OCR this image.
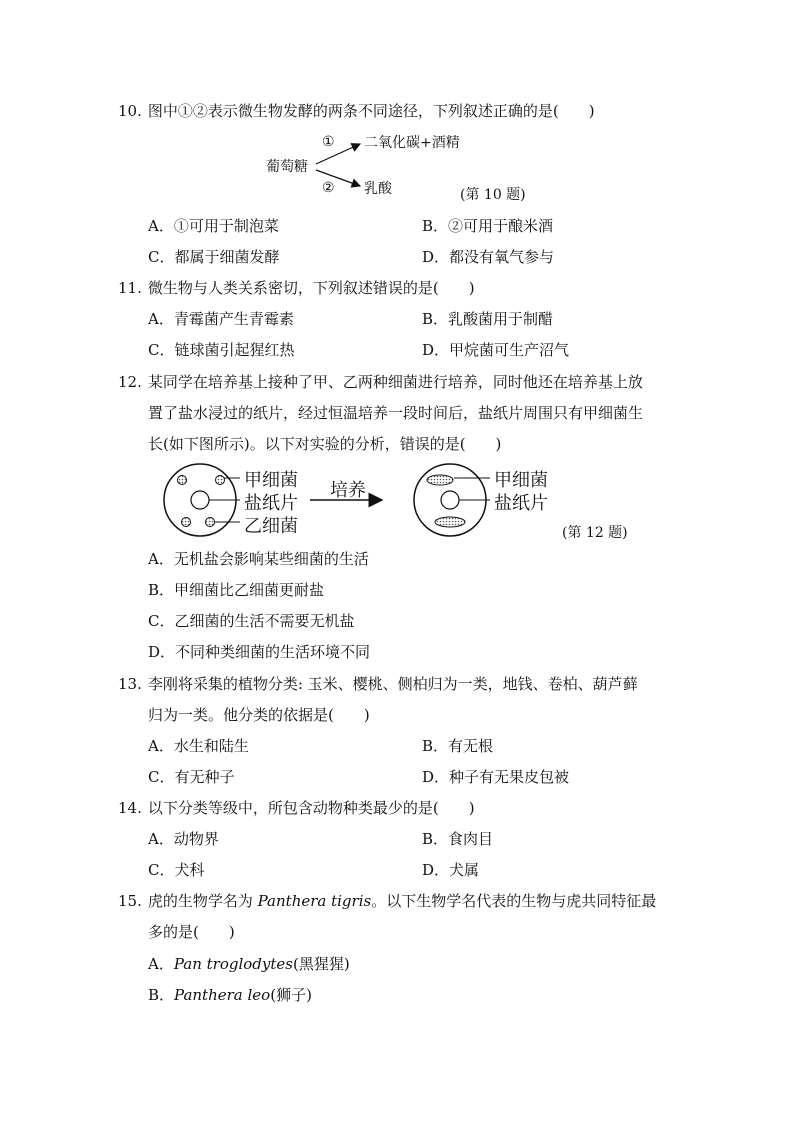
10. 图中①②表示微生物发酵的两条不同途径，下列叙述正确的是(　　)
葡萄糖
① 二氧化碳+酒精
② 乳酸	(第 10 题)
A．①可用于制泡菜	B．②可用于酿米酒
C．都属于细菌发酵	D．都没有氧气参与
11. 微生物与人类关系密切，下列叙述错误的是(　　)
A．青霉菌产生青霉素	B．乳酸菌用于制醋
C．链球菌引起猩红热	D．甲烷菌可生产沼气
12. 某同学在培养基上接种了甲、乙两种细菌进行培养，同时他还在培养基上放
置了盐水浸过的纸片，经过恒温培养一段时间后，盐纸片周围只有甲细菌生
长(如下图所示)。以下对实验的分析，错误的是(　　)
甲细菌
盐纸片
乙细菌
培养	甲细菌
盐纸片
(第 12 题)
A．无机盐会影响某些细菌的生活
B．甲细菌比乙细菌更耐盐
C．乙细菌的生活不需要无机盐
D．不同种类细菌的生活环境不同
13. 李刚将采集的植物分类: 玉米、樱桃、侧柏归为一类，地钱、卷柏、葫芦藓
归为一类。他分类的依据是(　　)
A．水生和陆生	B．有无根
C．有无种子	D．种子有无果皮包被
14. 以下分类等级中，所包含动物种类最少的是(　　)
A．动物界	B．食肉目
C．犬科	D．犬属
15. 虎的生物学名为 Panthera tigris。以下生物学名代表的生物与虎共同特征最
多的是(　　)
A．Pan troglodytes(黑猩猩)
B．Panthera leo(狮子)
